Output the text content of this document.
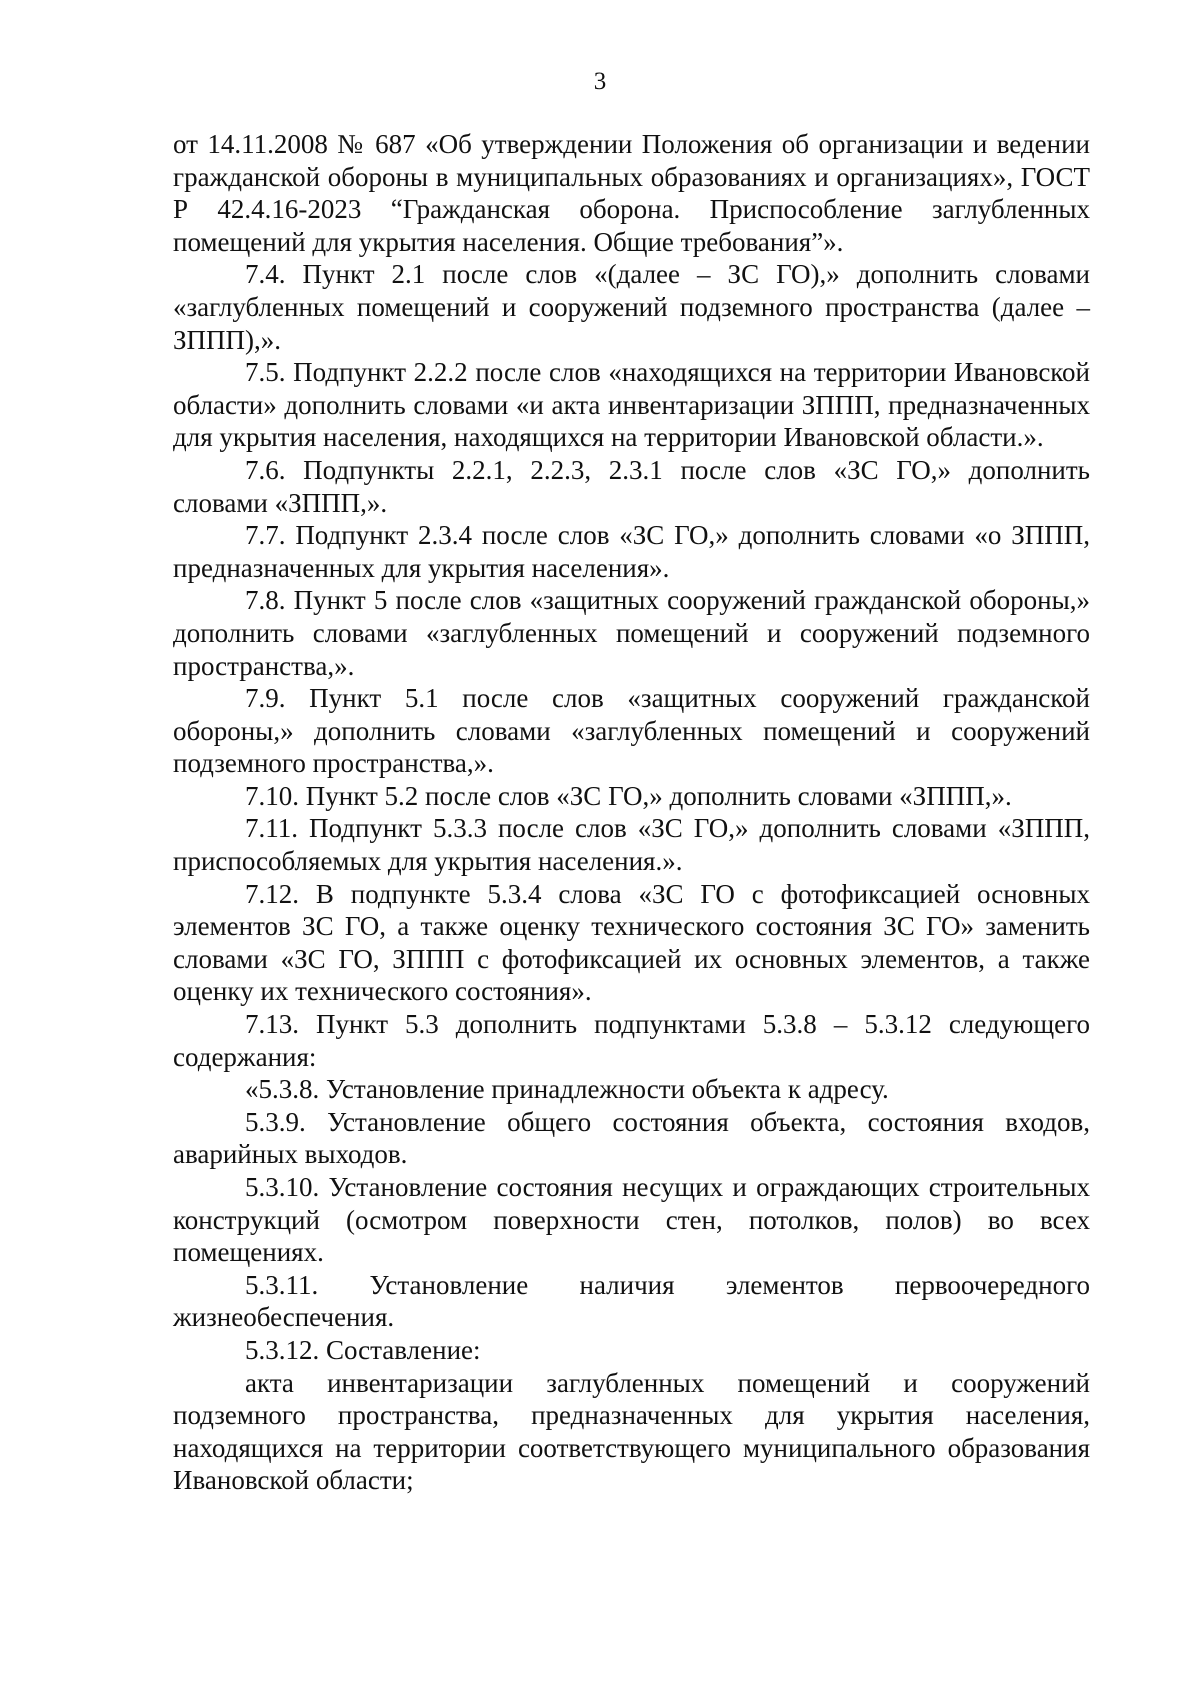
3

от 14.11.2008 № 687 «Об утверждении Положения об организации и ведении гражданской обороны в муниципальных образованиях и организациях», ГОСТ Р 42.4.16-2023 “Гражданская оборона. Приспособление заглубленных помещений для укрытия населения. Общие требования”».

7.4. Пункт 2.1 после слов «(далее – ЗС ГО),» дополнить словами «заглубленных помещений и сооружений подземного пространства (далее – ЗППП),».

7.5. Подпункт 2.2.2 после слов «находящихся на территории Ивановской области» дополнить словами «и акта инвентаризации ЗППП, предназначенных для укрытия населения, находящихся на территории Ивановской области.».

7.6. Подпункты 2.2.1, 2.2.3, 2.3.1 после слов «ЗС ГО,» дополнить словами «ЗППП,».

7.7. Подпункт 2.3.4 после слов «ЗС ГО,» дополнить словами «о ЗППП, предназначенных для укрытия населения».

7.8. Пункт 5 после слов «защитных сооружений гражданской обороны,» дополнить словами «заглубленных помещений и сооружений подземного пространства,».

7.9. Пункт 5.1 после слов «защитных сооружений гражданской обороны,» дополнить словами «заглубленных помещений и сооружений подземного пространства,».

7.10. Пункт 5.2 после слов «ЗС ГО,» дополнить словами «ЗППП,».

7.11. Подпункт 5.3.3 после слов «ЗС ГО,» дополнить словами «ЗППП, приспособляемых для укрытия населения.».

7.12. В подпункте 5.3.4 слова «ЗС ГО с фотофиксацией основных элементов ЗС ГО, а также оценку технического состояния ЗС ГО» заменить словами «ЗС ГО, ЗППП с фотофиксацией их основных элементов, а также оценку их технического состояния».

7.13. Пункт 5.3 дополнить подпунктами 5.3.8 – 5.3.12 следующего содержания:

«5.3.8. Установление принадлежности объекта к адресу.

5.3.9. Установление общего состояния объекта, состояния входов, аварийных выходов.

5.3.10. Установление состояния несущих и ограждающих строительных конструкций (осмотром поверхности стен, потолков, полов) во всех помещениях.

5.3.11. Установление наличия элементов первоочередного жизнеобеспечения.

5.3.12. Составление:

акта инвентаризации заглубленных помещений и сооружений подземного пространства, предназначенных для укрытия населения, находящихся на территории соответствующего муниципального образования Ивановской области;
